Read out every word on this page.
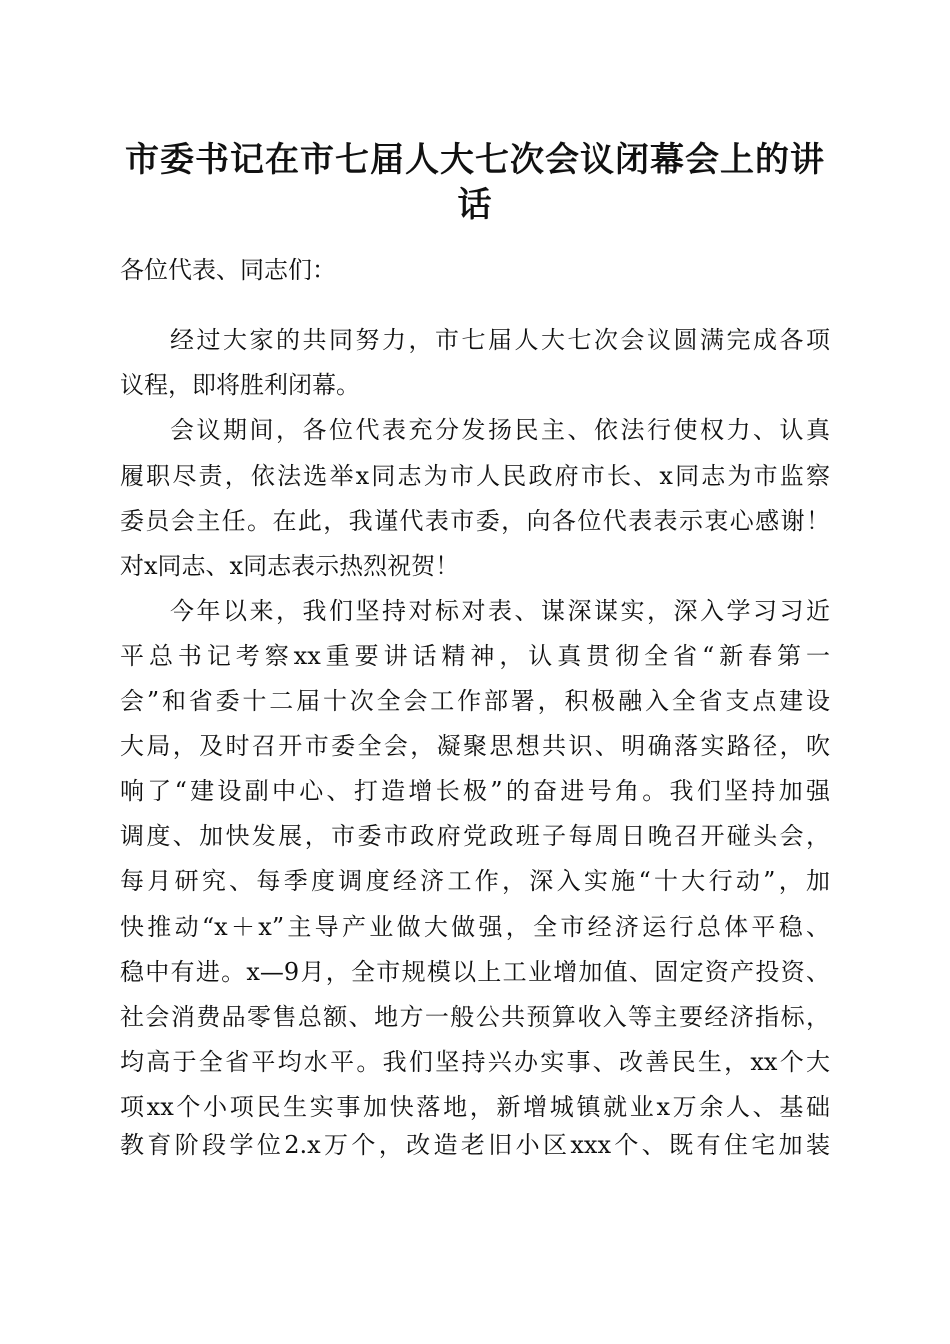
市委书记在市七届人大七次会议闭幕会上的讲
话
各位代表、同志们：
经过大家的共同努力，市七届人大七次会议圆满完成各项
议程，即将胜利闭幕。
会议期间，各位代表充分发扬民主、依法行使权力、认真
履职尽责，依法选举x同志为市人民政府市长、x同志为市监察
委员会主任。在此，我谨代表市委，向各位代表表示衷心感谢！
对x同志、x同志表示热烈祝贺！
今年以来，我们坚持对标对表、谋深谋实，深入学习习近
平总书记考察xx重要讲话精神，认真贯彻全省“新春第一
会”和省委十二届十次全会工作部署，积极融入全省支点建设
大局，及时召开市委全会，凝聚思想共识、明确落实路径，吹
响了“建设副中心、打造增长极”的奋进号角。我们坚持加强
调度、加快发展，市委市政府党政班子每周日晚召开碰头会，
每月研究、每季度调度经济工作，深入实施“十大行动”，加
快推动“x＋x”主导产业做大做强，全市经济运行总体平稳、
稳中有进。x—9月，全市规模以上工业增加值、固定资产投资、
社会消费品零售总额、地方一般公共预算收入等主要经济指标，
均高于全省平均水平。我们坚持兴办实事、改善民生，xx个大
项xx个小项民生实事加快落地，新增城镇就业x万余人、基础
教育阶段学位2.x万个，改造老旧小区xxx个、既有住宅加装
